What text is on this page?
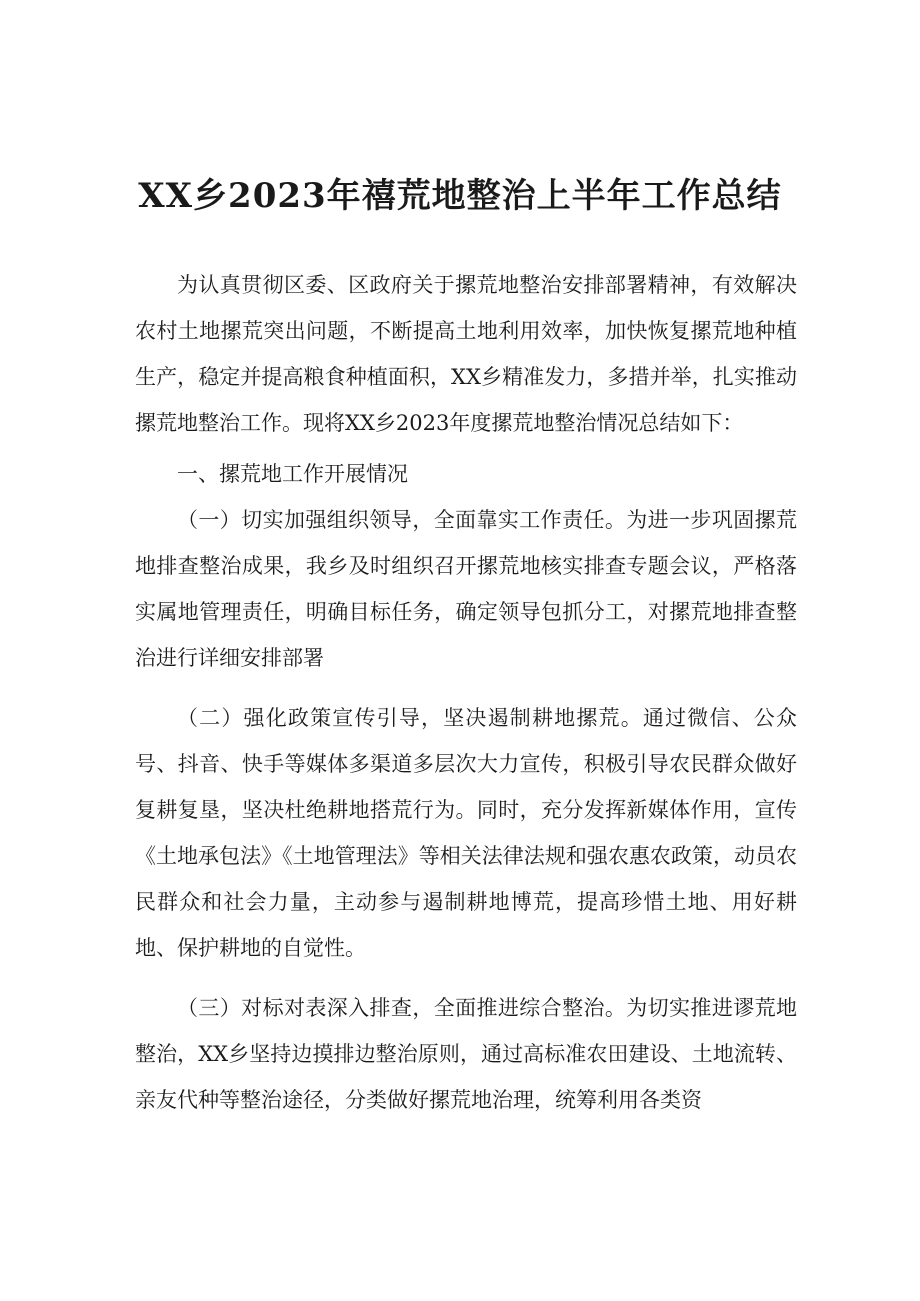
XX乡2023年禧荒地整治上半年工作总结

为认真贯彻区委、区政府关于摞荒地整治安排部署精神，有效解决农村土地摞荒突出问题，不断提高土地利用效率，加快恢复摞荒地种植生产，稳定并提高粮食种植面积，XX乡精准发力，多措并举，扎实推动摞荒地整治工作。现将XX乡2023年度摞荒地整治情况总结如下：

一、摞荒地工作开展情况

（一）切实加强组织领导，全面靠实工作责任。为进一步巩固摞荒地排查整治成果，我乡及时组织召开摞荒地核实排查专题会议，严格落实属地管理责任，明确目标任务，确定领导包抓分工，对摞荒地排查整治进行详细安排部署

（二）强化政策宣传引导，坚决遏制耕地摞荒。通过微信、公众号、抖音、快手等媒体多渠道多层次大力宣传，积极引导农民群众做好复耕复垦，坚决杜绝耕地搭荒行为。同时，充分发挥新媒体作用，宣传《土地承包法》《土地管理法》等相关法律法规和强农惠农政策，动员农民群众和社会力量，主动参与遏制耕地博荒，提高珍惜土地、用好耕地、保护耕地的自觉性。

（三）对标对表深入排查，全面推进综合整治。为切实推进谬荒地整治，XX乡坚持边摸排边整治原则，通过高标准农田建设、土地流转、亲友代种等整治途径，分类做好摞荒地治理，统筹利用各类资
